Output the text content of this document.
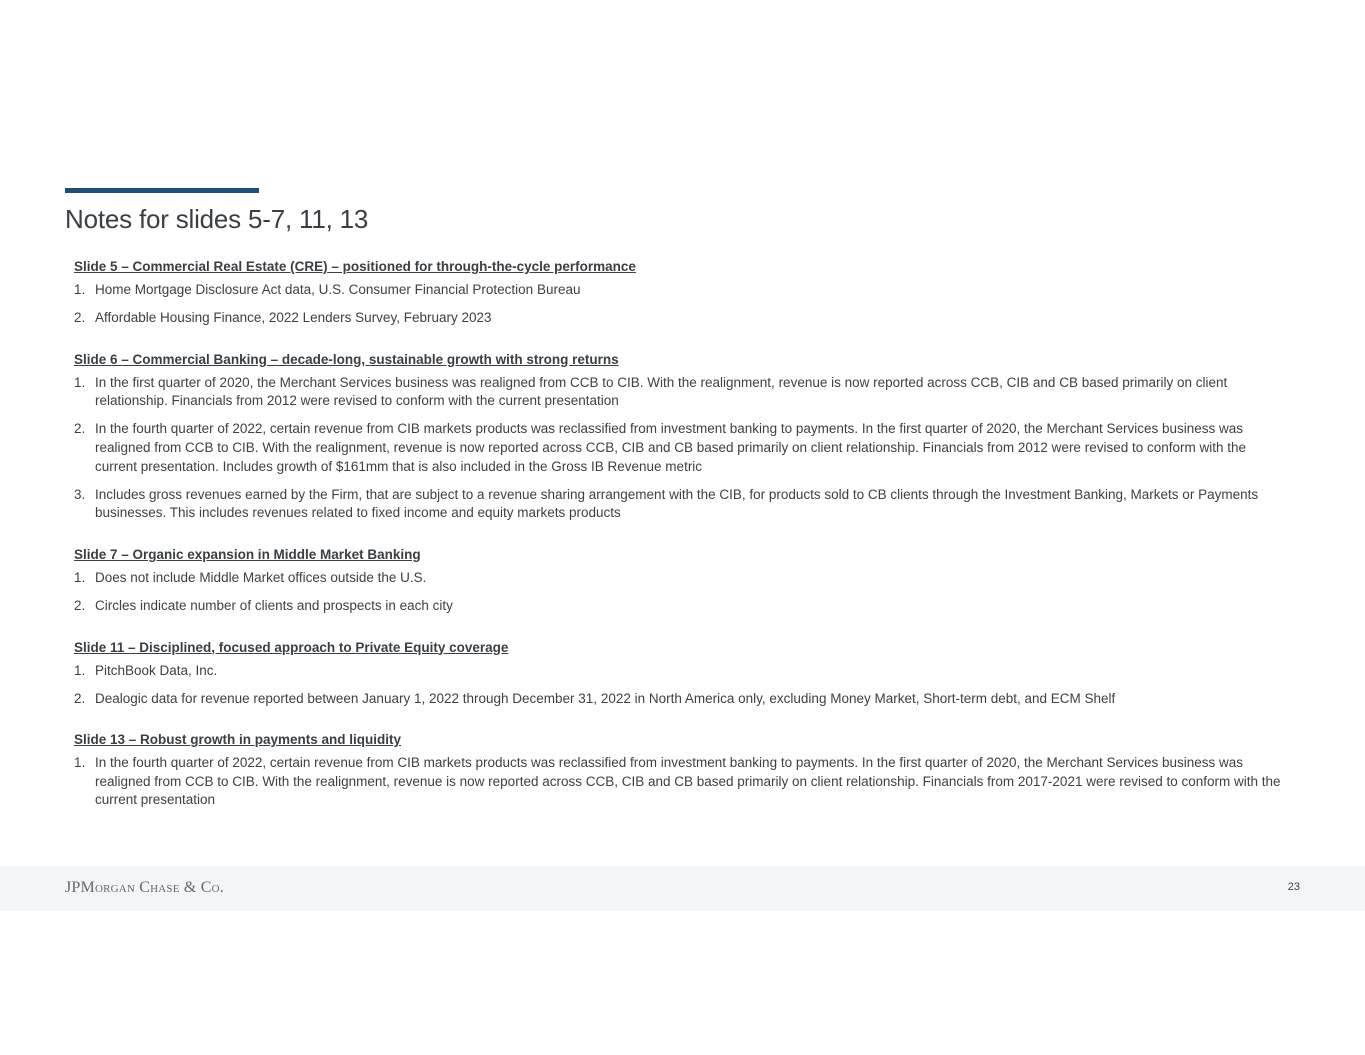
Notes for slides 5-7, 11, 13
Slide 5 – Commercial Real Estate (CRE) – positioned for through-the-cycle performance
1. Home Mortgage Disclosure Act data, U.S. Consumer Financial Protection Bureau
2. Affordable Housing Finance, 2022 Lenders Survey, February 2023
Slide 6 – Commercial Banking – decade-long, sustainable growth with strong returns
1. In the first quarter of 2020, the Merchant Services business was realigned from CCB to CIB. With the realignment, revenue is now reported across CCB, CIB and CB based primarily on client relationship. Financials from 2012 were revised to conform with the current presentation
2. In the fourth quarter of 2022, certain revenue from CIB markets products was reclassified from investment banking to payments. In the first quarter of 2020, the Merchant Services business was realigned from CCB to CIB. With the realignment, revenue is now reported across CCB, CIB and CB based primarily on client relationship. Financials from 2012 were revised to conform with the current presentation. Includes growth of $161mm that is also included in the Gross IB Revenue metric
3. Includes gross revenues earned by the Firm, that are subject to a revenue sharing arrangement with the CIB, for products sold to CB clients through the Investment Banking, Markets or Payments businesses. This includes revenues related to fixed income and equity markets products
Slide 7 – Organic expansion in Middle Market Banking
1. Does not include Middle Market offices outside the U.S.
2. Circles indicate number of clients and prospects in each city
Slide 11 – Disciplined, focused approach to Private Equity coverage
1. PitchBook Data, Inc.
2. Dealogic data for revenue reported between January 1, 2022 through December 31, 2022 in North America only, excluding Money Market, Short-term debt, and ECM Shelf
Slide 13 – Robust growth in payments and liquidity
1. In the fourth quarter of 2022, certain revenue from CIB markets products was reclassified from investment banking to payments. In the first quarter of 2020, the Merchant Services business was realigned from CCB to CIB. With the realignment, revenue is now reported across CCB, CIB and CB based primarily on client relationship. Financials from 2017-2021 were revised to conform with the current presentation
JPMorgan Chase & Co.	23
